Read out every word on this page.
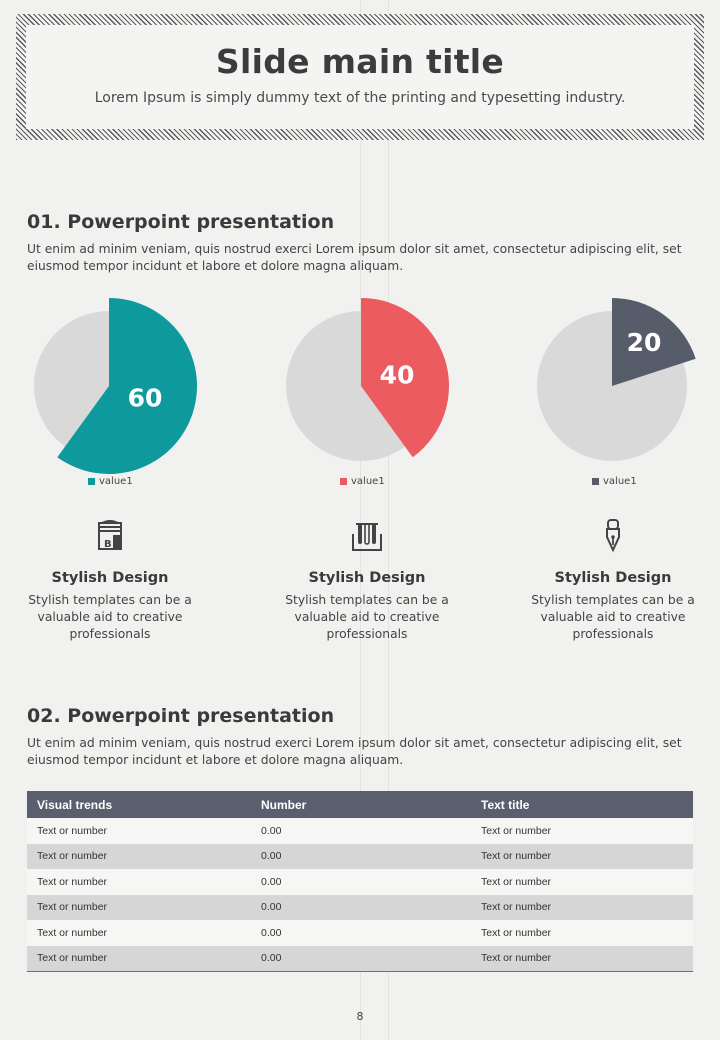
Slide main title
Lorem Ipsum is simply dummy text of the printing and typesetting industry.
01. Powerpoint presentation
Ut enim ad minim veniam, quis nostrud exerci Lorem ipsum dolor sit amet, consectetur adipiscing elit, set eiusmod tempor incidunt et labore et dolore magna aliquam.
60
40
20
value1	value1	value1
B
Stylish Design
Stylish templates can be a valuable aid to creative professionals
Stylish Design
Stylish templates can be a valuable aid to creative professionals
Stylish Design
Stylish templates can be a valuable aid to creative professionals
02. Powerpoint presentation
Ut enim ad minim veniam, quis nostrud exerci Lorem ipsum dolor sit amet, consectetur adipiscing elit, set eiusmod tempor incidunt et labore et dolore magna aliquam.
Visual trends	Number	Text title
Text or number	0.00	Text or number
Text or number	0.00	Text or number
Text or number	0.00	Text or number
Text or number	0.00	Text or number
Text or number	0.00	Text or number
Text or number	0.00	Text or number
8
